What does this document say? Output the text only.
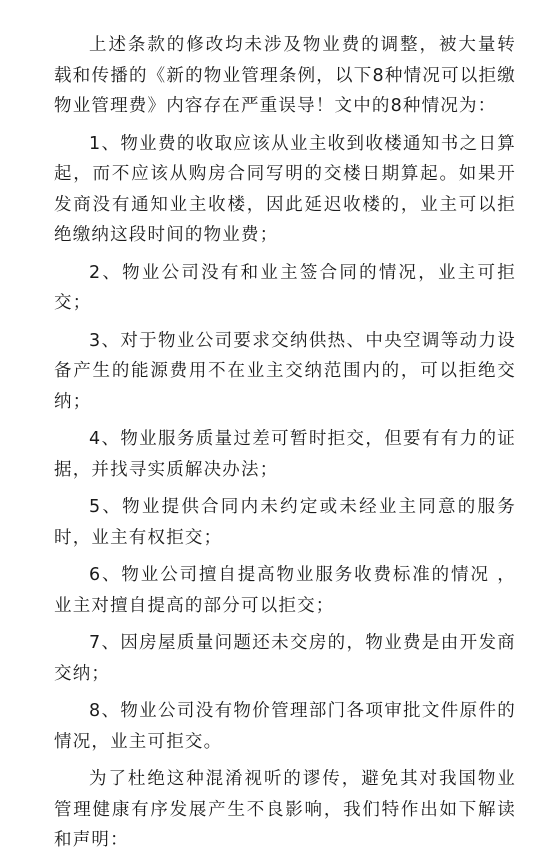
上述条款的修改均未涉及物业费的调整，被大量转载和传播的《新的物业管理条例，以下8种情况可以拒缴物业管理费》内容存在严重误导！文中的8种情况为：

1、物业费的收取应该从业主收到收楼通知书之日算起，而不应该从购房合同写明的交楼日期算起。如果开发商没有通知业主收楼，因此延迟收楼的，业主可以拒绝缴纳这段时间的物业费；

2、物业公司没有和业主签合同的情况，业主可拒交；

3、对于物业公司要求交纳供热、中央空调等动力设备产生的能源费用不在业主交纳范围内的，可以拒绝交纳；

4、物业服务质量过差可暂时拒交，但要有有力的证据，并找寻实质解决办法；

5、物业提供合同内未约定或未经业主同意的服务时，业主有权拒交；

6、物业公司擅自提高物业服务收费标准的情况 ，业主对擅自提高的部分可以拒交；

7、因房屋质量问题还未交房的，物业费是由开发商交纳；

8、物业公司没有物价管理部门各项审批文件原件的情况，业主可拒交。

为了杜绝这种混淆视听的谬传，避免其对我国物业管理健康有序发展产生不良影响，我们特作出如下解读和声明：
